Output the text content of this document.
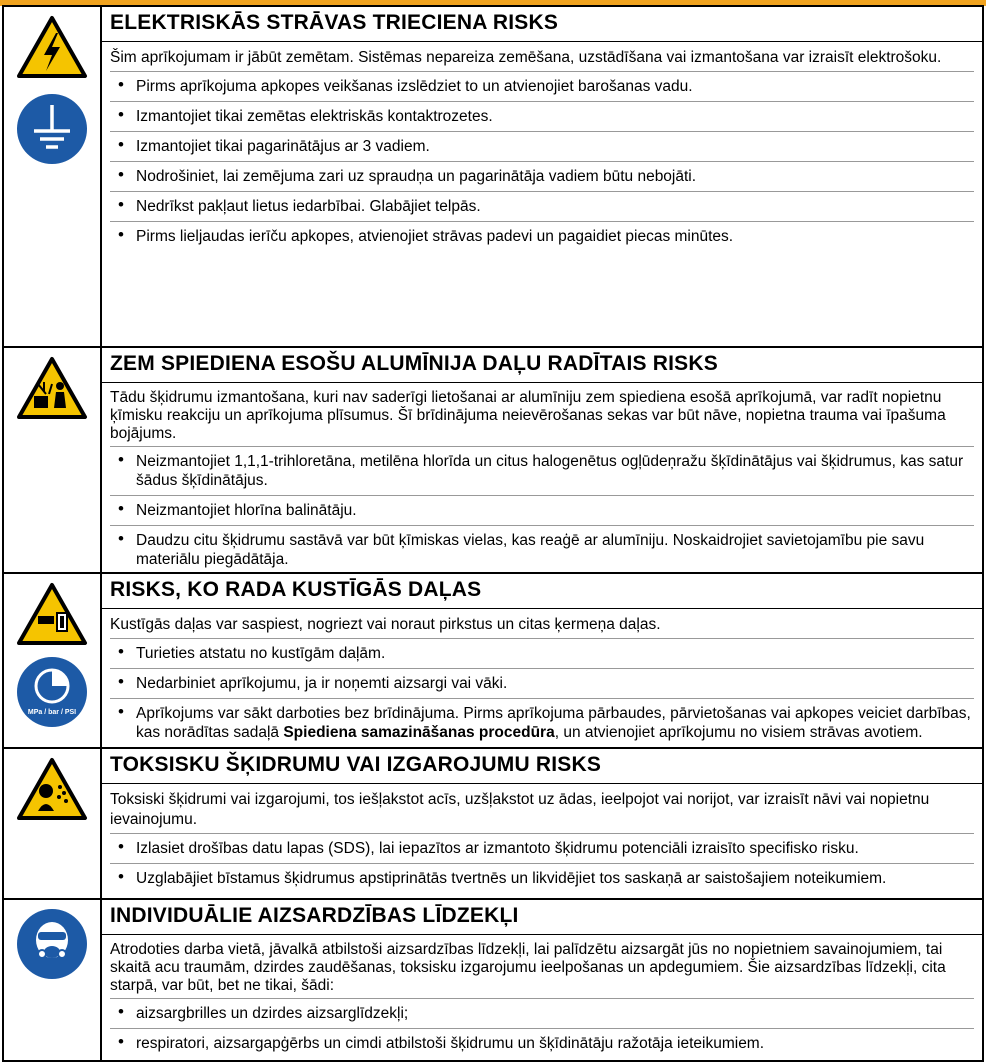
ELEKTRISKĀS STRĀVAS TRIECIENA RISKS

Šim aprīkojumam ir jābūt zemētam. Sistēmas nepareiza zemēšana, uzstādīšana vai izmantošana var izraisīt elektrošoku.

• Pirms aprīkojuma apkopes veikšanas izslēdziet to un atvienojiet barošanas vadu.
• Izmantojiet tikai zemētas elektriskās kontaktrozetes.
• Izmantojiet tikai pagarinātājus ar 3 vadiem.
• Nodrošiniet, lai zemējuma zari uz spraudņa un pagarinātāja vadiem būtu nebojāti.
• Nedrīkst pakļaut lietus iedarbībai. Glabājiet telpās.
• Pirms lieljaudas ierīču apkopes, atvienojiet strāvas padevi un pagaidiet piecas minūtes.
ZEM SPIEDIENA ESOŠU ALUMĪNIJA DAĻU RADĪTAIS RISKS

Tādu šķidrumu izmantošana, kuri nav saderīgi lietošanai ar alumīniju zem spiediena esošā aprīkojumā, var radīt nopietnu ķīmisku reakciju un aprīkojuma plīsumus. Šī brīdinājuma neievērošanas sekas var būt nāve, nopietna trauma vai īpašuma bojājums.

• Neizmantojiet 1,1,1-trihloretāna, metilēna hlorīda un citus halogenētus ogļūdeņražu šķīdinātājus vai šķidrumus, kas satur šādus šķīdinātājus.
• Neizmantojiet hlorīna balinātāju.
• Daudzu citu šķidrumu sastāvā var būt ķīmiskas vielas, kas reaģē ar alumīniju. Noskaidrojiet savietojamību pie savu materiālu piegādātāja.
MPa / bar / PSI
RISKS, KO RADA KUSTĪGĀS DAĻAS

Kustīgās daļas var saspiest, nogriezt vai noraut pirkstus un citas ķermeņa daļas.

• Turieties atstatu no kustīgām daļām.
• Nedarbiniet aprīkojumu, ja ir noņemti aizsargi vai vāki.
• Aprīkojums var sākt darboties bez brīdinājuma. Pirms aprīkojuma pārbaudes, pārvietošanas vai apkopes veiciet darbības, kas norādītas sadaļā Spiediena samazināšanas procedūra, un atvienojiet aprīkojumu no visiem strāvas avotiem.
TOKSISKU ŠĶIDRUMU VAI IZGAROJUMU RISKS

Toksiski šķidrumi vai izgarojumi, tos iešļakstot acīs, uzšļakstot uz ādas, ieelpojot vai norijot, var izraisīt nāvi vai nopietnu ievainojumu.

• Izlasiet drošības datu lapas (SDS), lai iepazītos ar izmantoto šķidrumu potenciāli izraisīto specifisko risku.
• Uzglabājiet bīstamus šķidrumus apstiprinātās tvertnēs un likvidējiet tos saskaņā ar saistošajiem noteikumiem.
INDIVIDUĀLIE AIZSARDZĪBAS LĪDZEKĻI

Atrodoties darba vietā, jāvalkā atbilstoši aizsardzības līdzekļi, lai palīdzētu aizsargāt jūs no nopietniem savainojumiem, tai skaitā acu traumām, dzirdes zaudēšanas, toksisku izgarojumu ieelpošanas un apdegumiem. Šie aizsardzības līdzekļi, cita starpā, var būt, bet ne tikai, šādi:

• aizsargbrilles un dzirdes aizsarglīdzekļi;
• respiratori, aizsargapģērbs un cimdi atbilstoši šķidrumu un šķīdinātāju ražotāja ieteikumiem.
